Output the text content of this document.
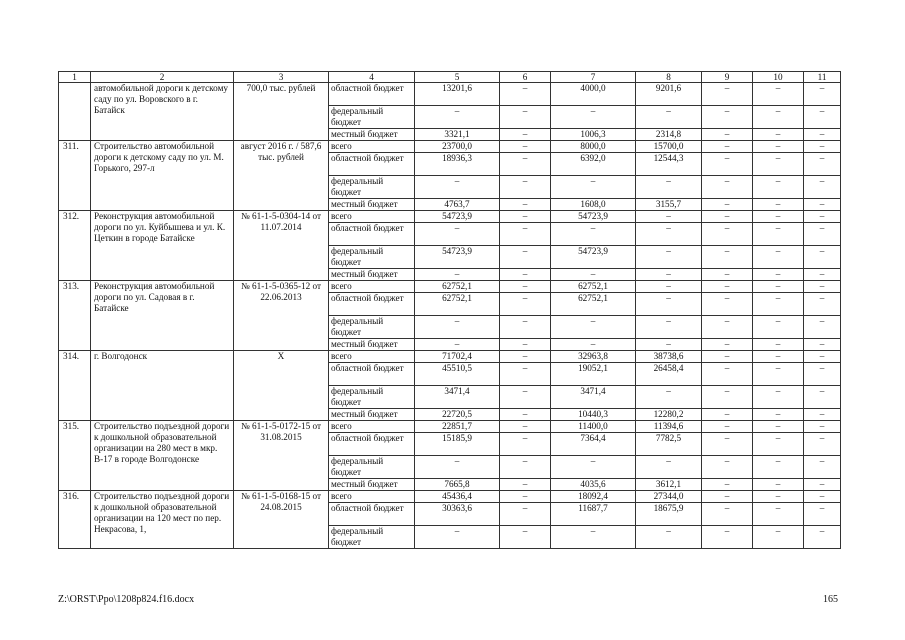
1	2	3	4	5	6	7	8	9	10	11
	автомобильной дороги к детскому саду по ул. Воровского в г. Батайск	700,0 тыс. рублей	областной бюджет	13201,6	–	4000,0	9201,6	–	–	–
			федеральный бюджет	–	–	–	–	–	–	–
			местный бюджет	3321,1	–	1006,3	2314,8	–	–	–
311.	Строительство автомобильной дороги к детскому саду по ул. М. Горького, 297-л	август 2016 г. / 587,6 тыс. рублей	всего	23700,0	–	8000,0	15700,0	–	–	–
			областной бюджет	18936,3	–	6392,0	12544,3	–	–	–
			федеральный бюджет	–	–	–	–	–	–	–
			местный бюджет	4763,7	–	1608,0	3155,7	–	–	–
312.	Реконструкция автомобильной дороги по ул. Куйбышева и ул. К. Цеткин в городе Батайске	№ 61-1-5-0304-14 от 11.07.2014	всего	54723,9	–	54723,9	–	–	–	–
			областной бюджет	–	–	–	–	–	–	–
			федеральный бюджет	54723,9	–	54723,9	–	–	–	–
			местный бюджет	–	–	–	–	–	–	–
313.	Реконструкция автомобильной дороги по ул. Садовая в г. Батайске	№ 61-1-5-0365-12 от 22.06.2013	всего	62752,1	–	62752,1	–	–	–	–
			областной бюджет	62752,1	–	62752,1	–	–	–	–
			федеральный бюджет	–	–	–	–	–	–	–
			местный бюджет	–	–	–	–	–	–	–
314.	г. Волгодонск	Х	всего	71702,4	–	32963,8	38738,6	–	–	–
			областной бюджет	45510,5	–	19052,1	26458,4	–	–	–
			федеральный бюджет	3471,4	–	3471,4	–	–	–	–
			местный бюджет	22720,5	–	10440,3	12280,2	–	–	–
315.	Строительство подъездной дороги к дошкольной образовательной организации на 280 мест в мкр. В-17 в городе Волгодонске	№ 61-1-5-0172-15 от 31.08.2015	всего	22851,7	–	11400,0	11394,6	–	–	–
			областной бюджет	15185,9	–	7364,4	7782,5	–	–	–
			федеральный бюджет	–	–	–	–	–	–	–
			местный бюджет	7665,8	–	4035,6	3612,1	–	–	–
316.	Строительство подъездной дороги к дошкольной образовательной организации на 120 мест по пер. Некрасова, 1,	№ 61-1-5-0168-15 от 24.08.2015	всего	45436,4	–	18092,4	27344,0	–	–	–
			областной бюджет	30363,6	–	11687,7	18675,9	–	–	–
			федеральный бюджет	–	–	–	–	–	–	–
Z:\ORST\Ppo\1208p824.f16.docx	165
